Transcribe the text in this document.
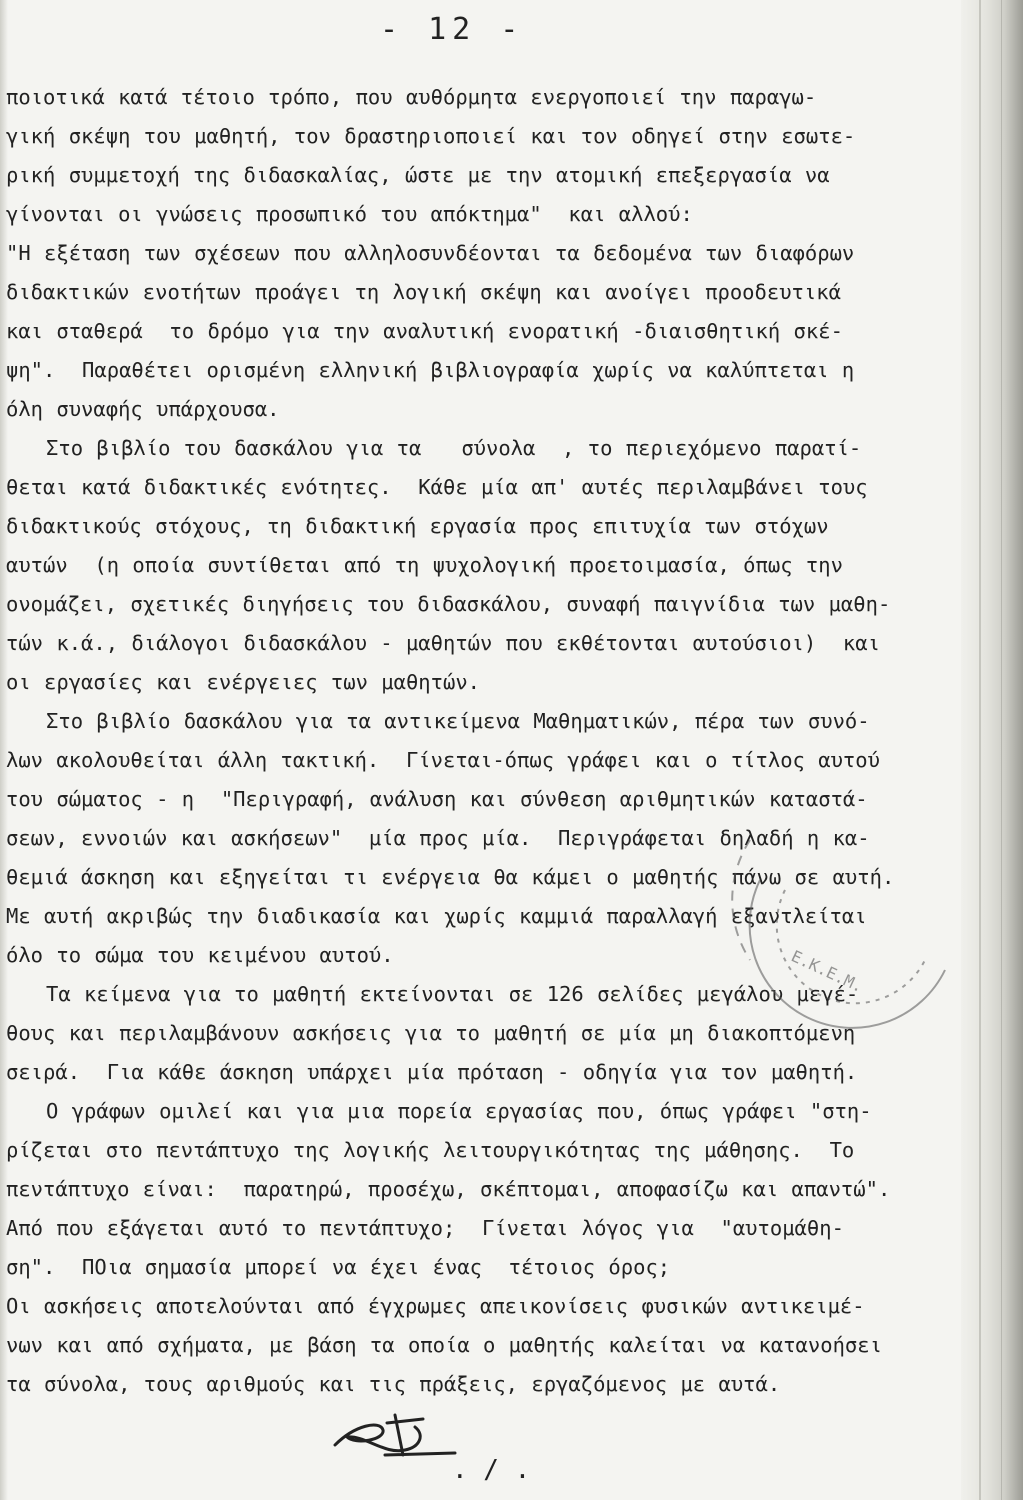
- 12 -
ποιοτικά κατά τέτοιο τρόπο, που αυθόρμητα ενεργοποιεί την παραγω-
γική σκέψη του μαθητή, τον δραστηριοποιεί και τον οδηγεί στην εσωτε-
ρική συμμετοχή της διδασκαλίας, ώστε με την ατομική επεξεργασία να
γίνονται οι γνώσεις προσωπικό του απόκτημα"  και αλλού:
"Η εξέταση των σχέσεων που αλληλοσυνδέονται τα δεδομένα των διαφόρων
διδακτικών ενοτήτων προάγει τη λογική σκέψη και ανοίγει προοδευτικά
και σταθερά  το δρόμο για την αναλυτική ενορατική -διαισθητική σκέ-
ψη".  Παραθέτει ορισμένη ελληνική βιβλιογραφία χωρίς να καλύπτεται η
όλη συναφής υπάρχουσα.
Στο βιβλίο του δασκάλου για τα   σύνολα  , το περιεχόμενο παρατί-
θεται κατά διδακτικές ενότητες.  Κάθε μία απ' αυτές περιλαμβάνει τους
διδακτικούς στόχους, τη διδακτική εργασία προς επιτυχία των στόχων
αυτών  (η οποία συντίθεται από τη ψυχολογική προετοιμασία, όπως την
ονομάζει, σχετικές διηγήσεις του διδασκάλου, συναφή παιγνίδια των μαθη-
τών κ.ά., διάλογοι διδασκάλου - μαθητών που εκθέτονται αυτούσιοι)  και
οι εργασίες και ενέργειες των μαθητών.
Στο βιβλίο δασκάλου για τα αντικείμενα Μαθηματικών, πέρα των συνό-
λων ακολουθείται άλλη τακτική.  Γίνεται-όπως γράφει και ο τίτλος αυτού
του σώματος - η  "Περιγραφή, ανάλυση και σύνθεση αριθμητικών καταστά-
σεων, εννοιών και ασκήσεων"  μία προς μία.  Περιγράφεται δηλαδή η κα-
θεμιά άσκηση και εξηγείται τι ενέργεια θα κάμει ο μαθητής πάνω σε αυτή.
Με αυτή ακριβώς την διαδικασία και χωρίς καμμιά παραλλαγή εξαντλείται
όλο το σώμα του κειμένου αυτού.
Τα κείμενα για το μαθητή εκτείνονται σε 126 σελίδες μεγάλου μεγέ-
θους και περιλαμβάνουν ασκήσεις για το μαθητή σε μία μη διακοπτόμενη
σειρά.  Για κάθε άσκηση υπάρχει μία πρόταση - οδηγία για τον μαθητή.
Ο γράφων ομιλεί και για μια πορεία εργασίας που, όπως γράφει "στη-
ρίζεται στο πεντάπτυχο της λογικής λειτουργικότητας της μάθησης.  Το
πεντάπτυχο είναι:  παρατηρώ, προσέχω, σκέπτομαι, αποφασίζω και απαντώ".
Από που εξάγεται αυτό το πεντάπτυχο;  Γίνεται λόγος για  "αυτομάθη-
ση".  ΠΟια σημασία μπορεί να έχει ένας  τέτοιος όρος;
Οι ασκήσεις αποτελούνται από έγχρωμες απεικονίσεις φυσικών αντικειμέ-
νων και από σχήματα, με βάση τα οποία ο μαθητής καλείται να κατανοήσει
τα σύνολα, τους αριθμούς και τις πράξεις, εργαζόμενος με αυτά.
Ε.Κ.Ε.Μ.
. / .
